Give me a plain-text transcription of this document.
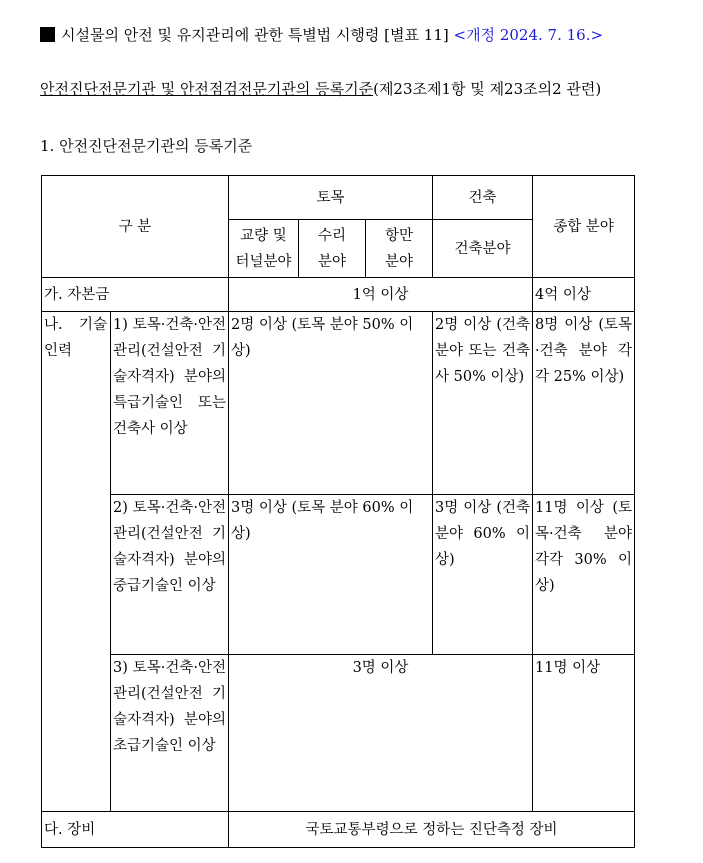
시설물의 안전 및 유지관리에 관한 특별법 시행령 [별표 11] <개정 2024. 7. 16.>
안전진단전문기관 및 안전점검전문기관의 등록기준(제23조제1항 및 제23조의2 관련)
1. 안전진단전문기관의 등록기준
구 분		토목			건축	종합 분야

		교량 및 터널분야	수리 분야	항만 분야	건축분야	
가. 자본금		1억 이상				4억 이상

나. 기술인력	1) 토목·건축·안전관리(건설안전 기술자격자) 분야의 특급기술인 또는 건축사 이상	2명 이상 (토목 분야 50% 이상)			2명 이상 (건축 분야 또는 건축사 50% 이상)	8명 이상 (토목·건축 분야 각각 25% 이상)
	2) 토목·건축·안전관리(건설안전 기술자격자) 분야의 중급기술인 이상	3명 이상 (토목 분야 60% 이상)			3명 이상 (건축 분야 60% 이상)	11명 이상 (토목·건축 분야 각각 30% 이상)
	3) 토목·건축·안전관리(건설안전 기술자격자) 분야의 초급기술인 이상	3명 이상				11명 이상
다. 장비		국토교통부령으로 정하는 진단측정 장비				
